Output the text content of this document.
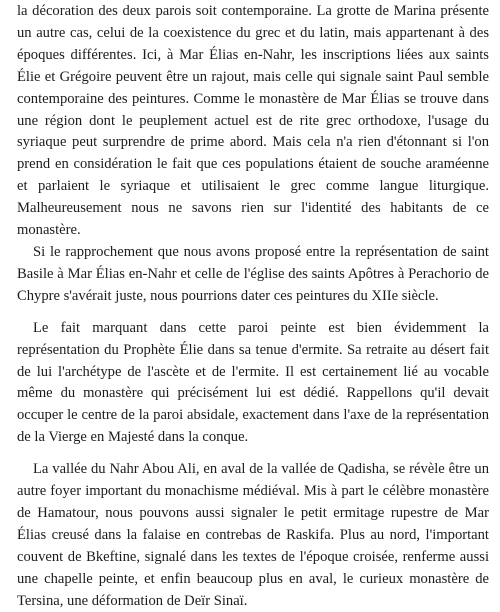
la décoration des deux parois soit contemporaine. La grotte de Marina présente un autre cas, celui de la coexistence du grec et du latin, mais appartenant à des époques différentes. Ici, à Mar Élias en-Nahr, les inscriptions liées aux saints Élie et Grégoire peuvent être un rajout, mais celle qui signale saint Paul semble contemporaine des peintures. Comme le monastère de Mar Élias se trouve dans une région dont le peuplement actuel est de rite grec orthodoxe, l'usage du syriaque peut surprendre de prime abord. Mais cela n'a rien d'étonnant si l'on prend en considération le fait que ces populations étaient de souche araméenne et parlaient le syriaque et utilisaient le grec comme langue liturgique. Malheureusement nous ne savons rien sur l'identité des habitants de ce monastère.

Si le rapprochement que nous avons proposé entre la représentation de saint Basile à Mar Élias en-Nahr et celle de l'église des saints Apôtres à Perachorio de Chypre s'avérait juste, nous pourrions dater ces peintures du XIIe siècle.

Le fait marquant dans cette paroi peinte est bien évidemment la représentation du Prophète Élie dans sa tenue d'ermite. Sa retraite au désert fait de lui l'archétype de l'ascète et de l'ermite. Il est certainement lié au vocable même du monastère qui précisément lui est dédié. Rappellons qu'il devait occuper le centre de la paroi absidale, exactement dans l'axe de la représentation de la Vierge en Majesté dans la conque.

La vallée du Nahr Abou Ali, en aval de la vallée de Qadisha, se révèle être un autre foyer important du monachisme médiéval. Mis à part le célèbre monastère de Hamatour, nous pouvons aussi signaler le petit ermitage rupestre de Mar Élias creusé dans la falaise en contrebas de Raskifa. Plus au nord, l'important couvent de Bkeftine, signalé dans les textes de l'époque croisée, renferme aussi une chapelle peinte, et enfin beaucoup plus en aval, le curieux monastère de Tersina, une déformation de Deïr Sinaï.
